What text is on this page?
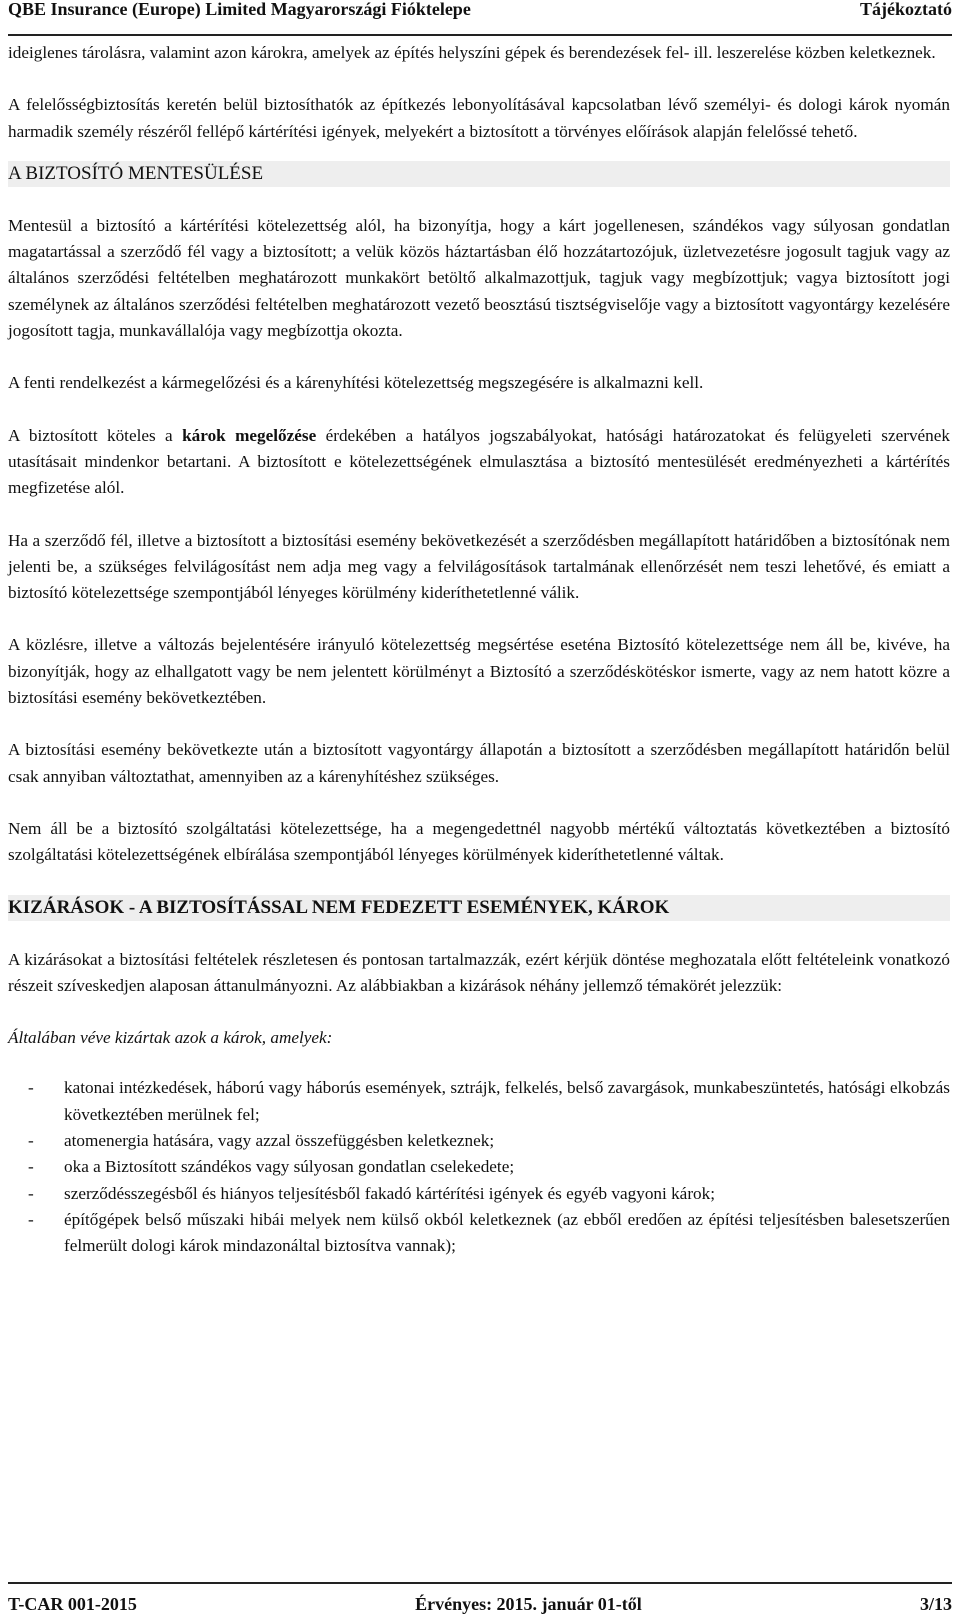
QBE Insurance (Europe) Limited Magyarországi Fióktelepe	Tájékoztató

ideiglenes tárolásra, valamint azon károkra, amelyek az építés helyszíni gépek és berendezések fel- ill. leszerelése közben keletkeznek.

A felelősségbiztosítás keretén belül biztosíthatók az építkezés lebonyolításával kapcsolatban lévő személyi- és dologi károk nyomán harmadik személy részéről fellépő kártérítési igények, melyekért a biztosított a törvényes előírások alapján felelőssé tehető.

A BIZTOSÍTÓ MENTESÜLÉSE

Mentesül a biztosító a kártérítési kötelezettség alól, ha bizonyítja, hogy a kárt jogellenesen, szándékos vagy súlyosan gondatlan magatartással a szerződő fél vagy a biztosított; a velük közös háztartásban élő hozzátartozójuk, üzletvezetésre jogosult tagjuk vagy az általános szerződési feltételben meghatározott munkakört betöltő alkalmazottjuk, tagjuk vagy megbízottjuk; vagya biztosított jogi személynek az általános szerződési feltételben meghatározott vezető beosztású tisztségviselője vagy a biztosított vagyontárgy kezelésére jogosított tagja, munkavállalója vagy megbízottja okozta.

A fenti rendelkezést a kármegelőzési és a kárenyhítési kötelezettség megszegésére is alkalmazni kell.

A biztosított köteles a károk megelőzése érdekében a hatályos jogszabályokat, hatósági határozatokat és felügyeleti szervének utasításait mindenkor betartani. A biztosított e kötelezettségének elmulasztása a biztosító mentesülését eredményezheti a kártérítés megfizetése alól.

Ha a szerződő fél, illetve a biztosított a biztosítási esemény bekövetkezését a szerződésben megállapított határidőben a biztosítónak nem jelenti be, a szükséges felvilágosítást nem adja meg vagy a felvilágosítások tartalmának ellenőrzését nem teszi lehetővé, és emiatt a biztosító kötelezettsége szempontjából lényeges körülmény kideríthetetlenné válik.

A közlésre, illetve a változás bejelentésére irányuló kötelezettség megsértése eseténa Biztosító kötelezettsége nem áll be, kivéve, ha bizonyítják, hogy az elhallgatott vagy be nem jelentett körülményt a Biztosító a szerződéskötéskor ismerte, vagy az nem hatott közre a biztosítási esemény bekövetkeztében.

A biztosítási esemény bekövetkezte után a biztosított vagyontárgy állapotán a biztosított a szerződésben megállapított határidőn belül csak annyiban változtathat, amennyiben az a kárenyhítéshez szükséges.

Nem áll be a biztosító szolgáltatási kötelezettsége, ha a megengedettnél nagyobb mértékű változtatás következtében a biztosító szolgáltatási kötelezettségének elbírálása szempontjából lényeges körülmények kideríthetetlenné váltak.

KIZÁRÁSOK - A BIZTOSÍTÁSSAL NEM FEDEZETT ESEMÉNYEK, KÁROK

A kizárásokat a biztosítási feltételek részletesen és pontosan tartalmazzák, ezért kérjük döntése meghozatala előtt feltételeink vonatkozó részeit szíveskedjen alaposan áttanulmányozni. Az alábbiakban a kizárások néhány jellemző témakörét jelezzük:

Általában véve kizártak azok a károk, amelyek:

- katonai intézkedések, háború vagy háborús események, sztrájk, felkelés, belső zavargások, munkabeszüntetés, hatósági elkobzás következtében merülnek fel;
- atomenergia hatására, vagy azzal összefüggésben keletkeznek;
- oka a Biztosított szándékos vagy súlyosan gondatlan cselekedete;
- szerződésszegésből és hiányos teljesítésből fakadó kártérítési igények és egyéb vagyoni károk;
- építőgépek belső műszaki hibái melyek nem külső okból keletkeznek (az ebből eredően az építési teljesítésben balesetszerűen felmerült dologi károk mindazonáltal biztosítva vannak);
T-CAR 001-2015	Érvényes: 2015. január 01-től	3/13
